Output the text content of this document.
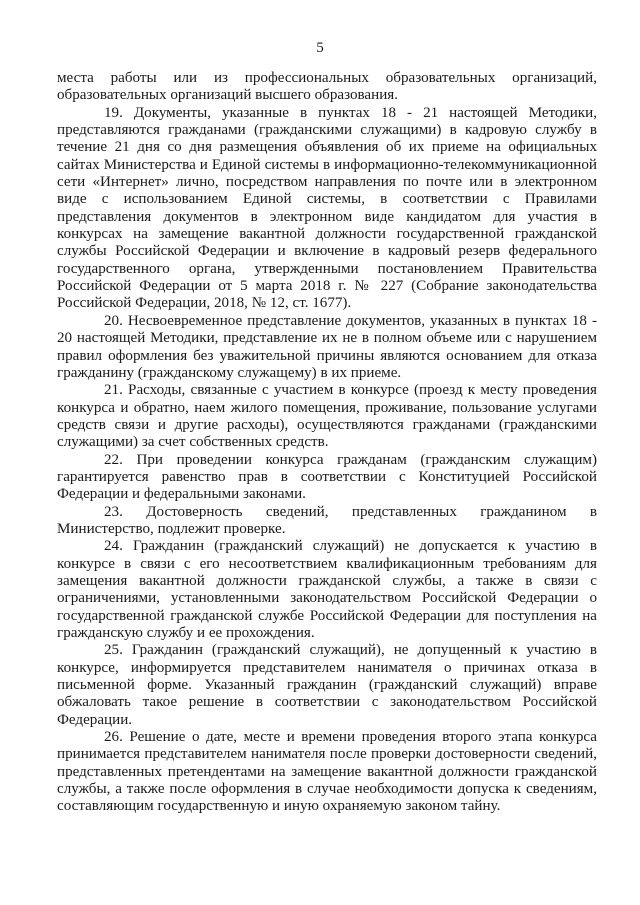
5

места работы или из профессиональных образовательных организаций, образовательных организаций высшего образования.

19. Документы, указанные в пунктах 18 - 21 настоящей Методики, представляются гражданами (гражданскими служащими) в кадровую службу в течение 21 дня со дня размещения объявления об их приеме на официальных сайтах Министерства и Единой системы в информационно-телекоммуникационной сети «Интернет» лично, посредством направления по почте или в электронном виде с использованием Единой системы, в соответствии с Правилами представления документов в электронном виде кандидатом для участия в конкурсах на замещение вакантной должности государственной гражданской службы Российской Федерации и включение в кадровый резерв федерального государственного органа, утвержденными постановлением Правительства Российской Федерации от 5 марта 2018 г. № 227 (Собрание законодательства Российской Федерации, 2018, № 12, ст. 1677).

20. Несвоевременное представление документов, указанных в пунктах 18 - 20 настоящей Методики, представление их не в полном объеме или с нарушением правил оформления без уважительной причины являются основанием для отказа гражданину (гражданскому служащему) в их приеме.

21. Расходы, связанные с участием в конкурсе (проезд к месту проведения конкурса и обратно, наем жилого помещения, проживание, пользование услугами средств связи и другие расходы), осуществляются гражданами (гражданскими служащими) за счет собственных средств.

22. При проведении конкурса гражданам (гражданским служащим) гарантируется равенство прав в соответствии с Конституцией Российской Федерации и федеральными законами.

23. Достоверность сведений, представленных гражданином в Министерство, подлежит проверке.

24. Гражданин (гражданский служащий) не допускается к участию в конкурсе в связи с его несоответствием квалификационным требованиям для замещения вакантной должности гражданской службы, а также в связи с ограничениями, установленными законодательством Российской Федерации о государственной гражданской службе Российской Федерации для поступления на гражданскую службу и ее прохождения.

25. Гражданин (гражданский служащий), не допущенный к участию в конкурсе, информируется представителем нанимателя о причинах отказа в письменной форме. Указанный гражданин (гражданский служащий) вправе обжаловать такое решение в соответствии с законодательством Российской Федерации.

26. Решение о дате, месте и времени проведения второго этапа конкурса принимается представителем нанимателя после проверки достоверности сведений, представленных претендентами на замещение вакантной должности гражданской службы, а также после оформления в случае необходимости допуска к сведениям, составляющим государственную и иную охраняемую законом тайну.
